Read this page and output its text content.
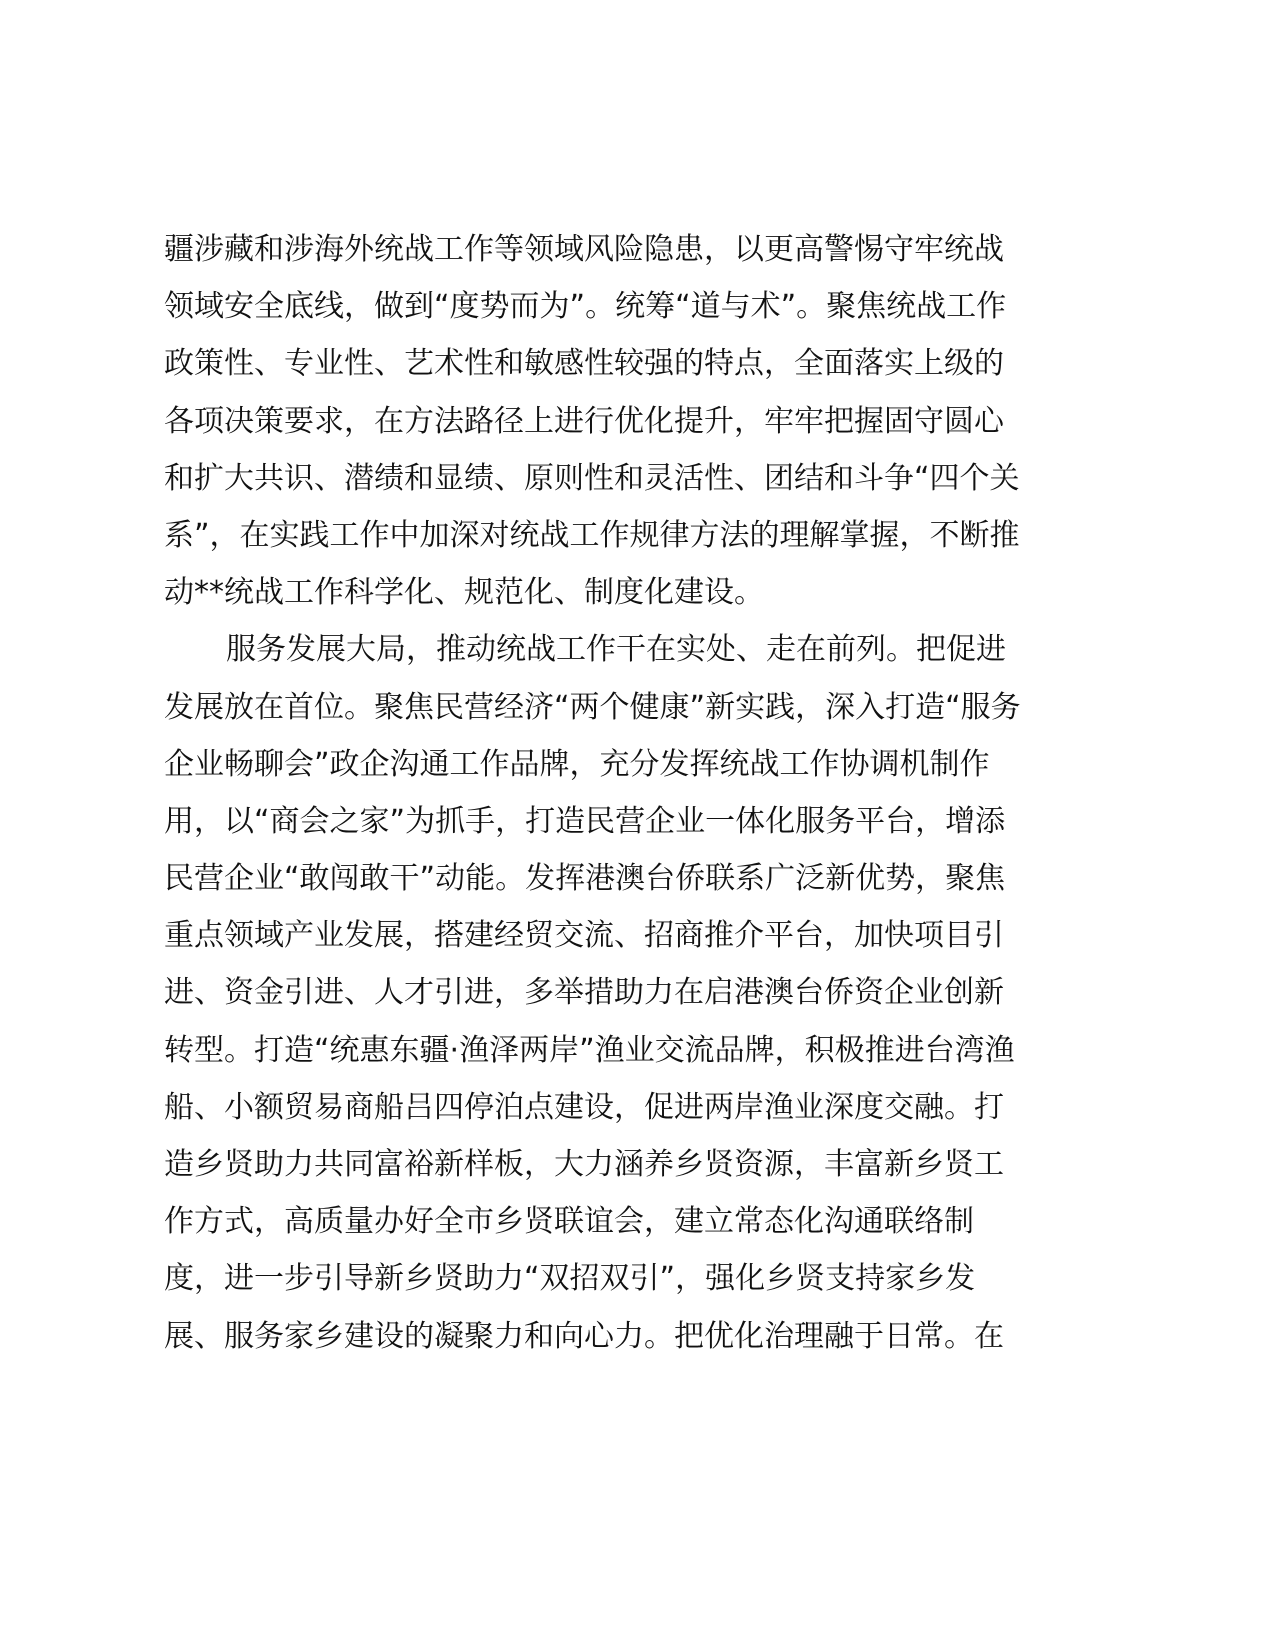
疆涉藏和涉海外统战工作等领域风险隐患，以更高警惕守牢统战
领域安全底线，做到“度势而为”。统筹“道与术”。聚焦统战工作
政策性、专业性、艺术性和敏感性较强的特点，全面落实上级的
各项决策要求，在方法路径上进行优化提升，牢牢把握固守圆心
和扩大共识、潜绩和显绩、原则性和灵活性、团结和斗争“四个关
系”，在实践工作中加深对统战工作规律方法的理解掌握，不断推
动**统战工作科学化、规范化、制度化建设。
服务发展大局，推动统战工作干在实处、走在前列。把促进
发展放在首位。聚焦民营经济“两个健康”新实践，深入打造“服务
企业畅聊会”政企沟通工作品牌，充分发挥统战工作协调机制作
用，以“商会之家”为抓手，打造民营企业一体化服务平台，增添
民营企业“敢闯敢干”动能。发挥港澳台侨联系广泛新优势，聚焦
重点领域产业发展，搭建经贸交流、招商推介平台，加快项目引
进、资金引进、人才引进，多举措助力在启港澳台侨资企业创新
转型。打造“统惠东疆·渔泽两岸”渔业交流品牌，积极推进台湾渔
船、小额贸易商船吕四停泊点建设，促进两岸渔业深度交融。打
造乡贤助力共同富裕新样板，大力涵养乡贤资源，丰富新乡贤工
作方式，高质量办好全市乡贤联谊会，建立常态化沟通联络制
度，进一步引导新乡贤助力“双招双引”，强化乡贤支持家乡发
展、服务家乡建设的凝聚力和向心力。把优化治理融于日常。在
